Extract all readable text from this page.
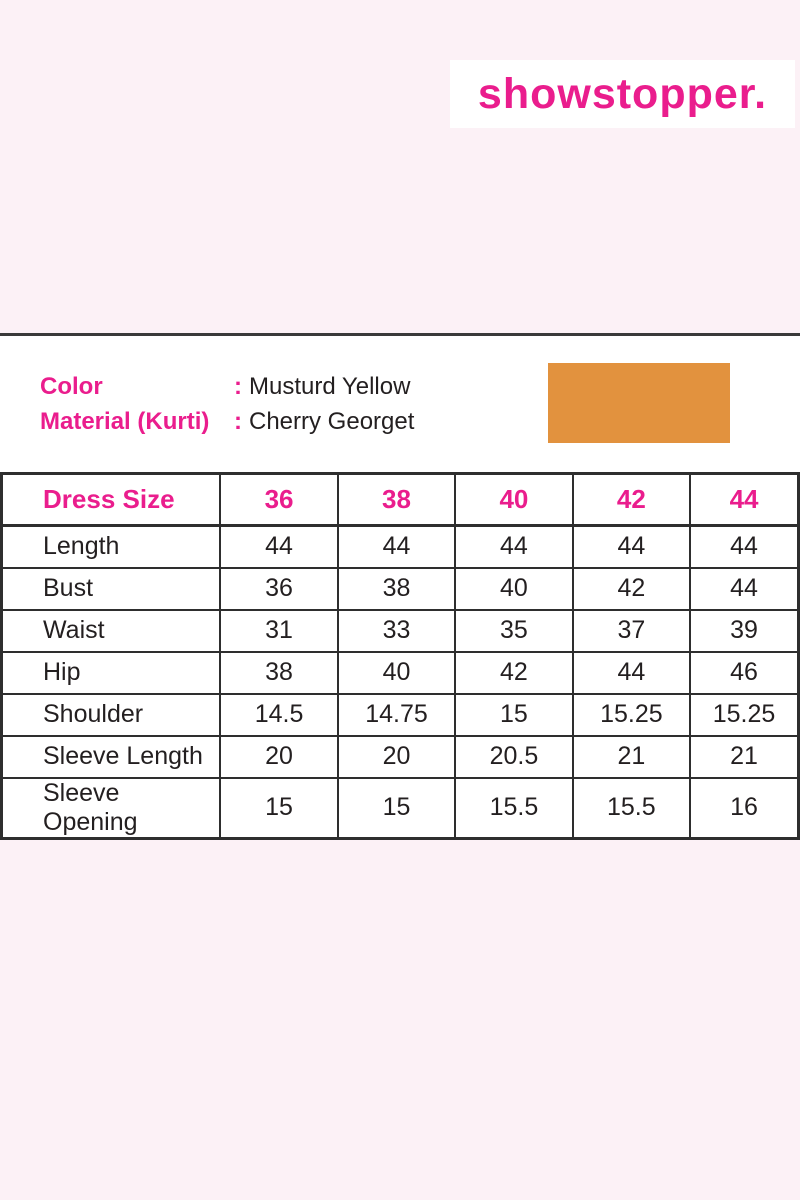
showstopper.
Color	: Musturd Yellow
Material (Kurti)	: Cherry Georget
Dress Size	36	38	40	42	44
Length	44	44	44	44	44
Bust	36	38	40	42	44
Waist	31	33	35	37	39
Hip	38	40	42	44	46
Shoulder	14.5	14.75	15	15.25	15.25
Sleeve Length	20	20	20.5	21	21
Sleeve Opening	15	15	15.5	15.5	16
